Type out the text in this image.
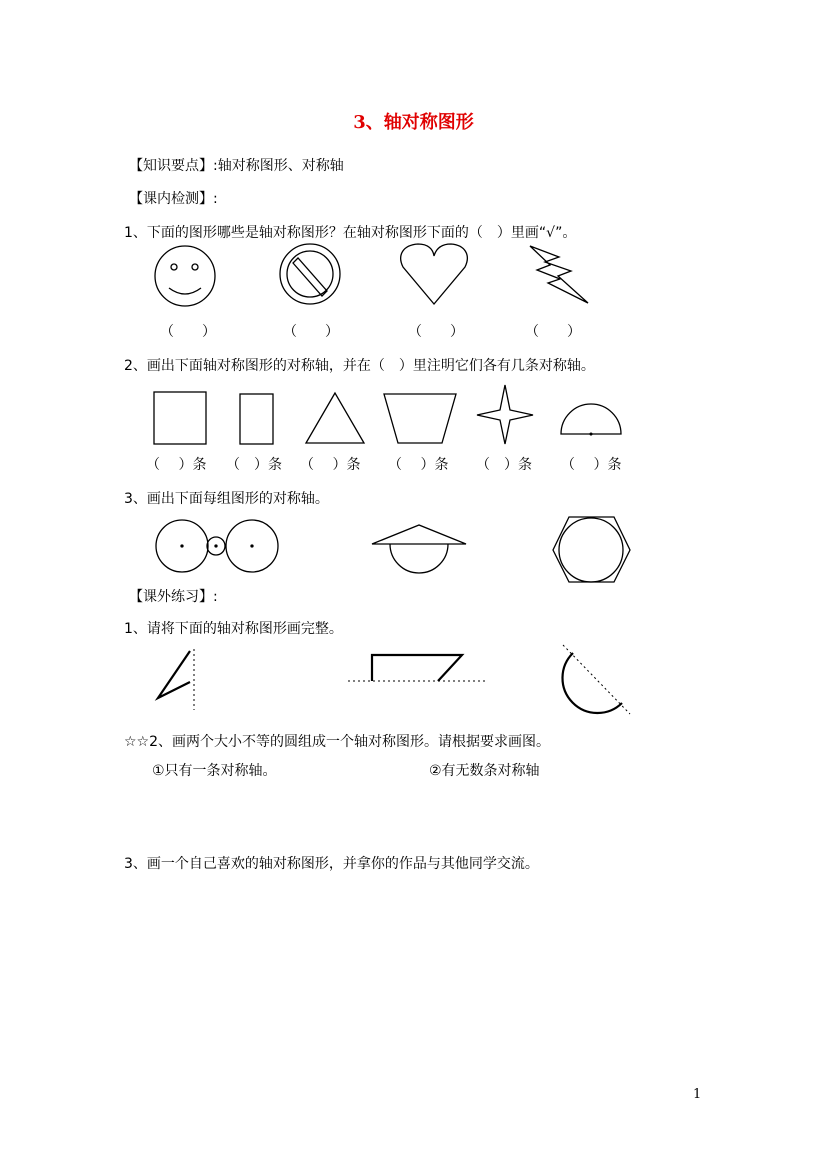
3、轴对称图形
【知识要点】:轴对称图形、对称轴
【课内检测】:
1、下面的图形哪些是轴对称图形？在轴对称图形下面的（　）里画“√”。
（　　）	（　　）	（　　）	（　　）
2、画出下面轴对称图形的对称轴，并在（　）里注明它们各有几条对称轴。
（　 ）条 （　）条 （　 ）条 （　 ）条 （　）条 （　 ）条
3、画出下面每组图形的对称轴。
【课外练习】:
1、请将下面的轴对称图形画完整。
☆☆2、画两个大小不等的圆组成一个轴对称图形。请根据要求画图。
①只有一条对称轴。	②有无数条对称轴
3、画一个自己喜欢的轴对称图形，并拿你的作品与其他同学交流。
1
